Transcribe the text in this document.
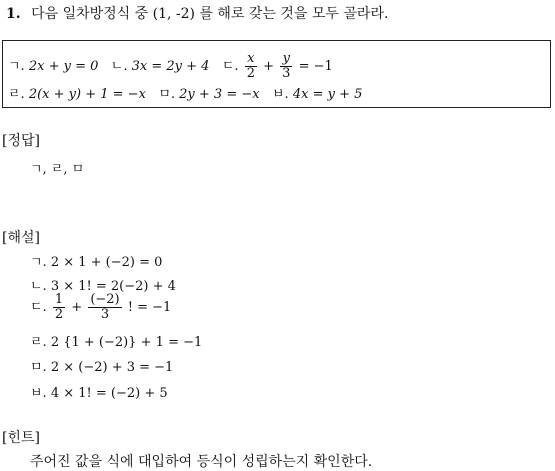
1. 다음 일차방정식 중 (1, -2) 를 해로 갖는 것을 모두 골라라.
ㄱ. 2x + y = 0 ㄴ. 3x = 2y + 4 ㄷ. $\frac{x}{2} + \frac{y}{3} = -1$
ㄹ. 2(x + y) + 1 = −x ㅁ. 2y + 3 = −x ㅂ. 4x = y + 5
[정답]
ㄱ, ㄹ, ㅁ
[해설]
ㄱ. 2 × 1 + (−2) = 0
ㄴ. 3 × 1! = 2(−2) + 4
ㄷ. $\frac{1}{2} + \frac{(-2)}{3}$ ! = −1
ㄹ. 2 {1 + (−2)} + 1 = −1
ㅁ. 2 × (−2) + 3 = −1
ㅂ. 4 × 1! = (−2) + 5
[힌트]
주어진 값을 식에 대입하여 등식이 성립하는지 확인한다.
